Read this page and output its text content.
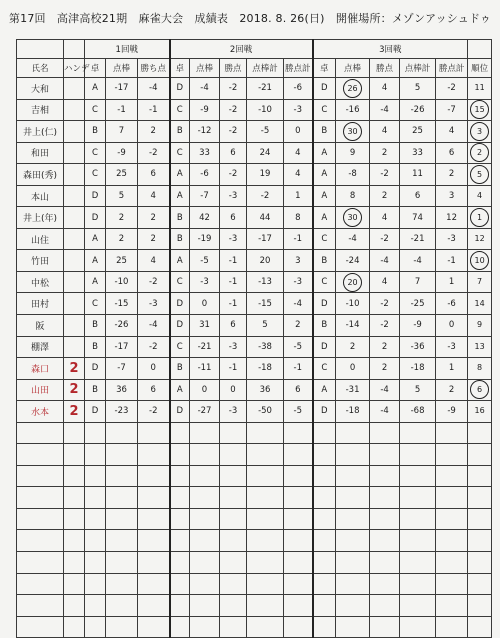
第17回　高津高校21期　麻雀大会　成績表　2018. 8. 26(日)　開催場所：メゾンアッシュドゥ
		1回戦			2回戦					3回戦					
氏名	ハンデ	卓	点棒	勝ち点	卓	点棒	勝点	点棒計	勝点計	卓	点棒	勝点	点棒計	勝点計	順位
大和		A	-17	-4	D	-4	-2	-21	-6	D	26	4	5	-2	11
吉相		C	-1	-1	C	-9	-2	-10	-3	C	-16	-4	-26	-7	15
井上(仁)		B	7	2	B	-12	-2	-5	0	B	30	4	25	4	3
和田		C	-9	-2	C	33	6	24	4	A	9	2	33	6	2
森田(秀)		C	25	6	A	-6	-2	19	4	A	-8	-2	11	2	5
本山		D	5	4	A	-7	-3	-2	1	A	8	2	6	3	4
井上(年)		D	2	2	B	42	6	44	8	A	30	4	74	12	1
山住		A	2	2	B	-19	-3	-17	-1	C	-4	-2	-21	-3	12
竹田		A	25	4	A	-5	-1	20	3	B	-24	-4	-4	-1	10
中松		A	-10	-2	C	-3	-1	-13	-3	C	20	4	7	1	7
田村		C	-15	-3	D	0	-1	-15	-4	D	-10	-2	-25	-6	14
阪		B	-26	-4	D	31	6	5	2	B	-14	-2	-9	0	9
棚澤		B	-17	-2	C	-21	-3	-38	-5	D	2	2	-36	-3	13
森口	2	D	-7	0	B	-11	-1	-18	-1	C	0	2	-18	1	8
山田	2	B	36	6	A	0	0	36	6	A	-31	-4	5	2	6
水本	2	D	-23	-2	D	-27	-3	-50	-5	D	-18	-4	-68	-9	16
